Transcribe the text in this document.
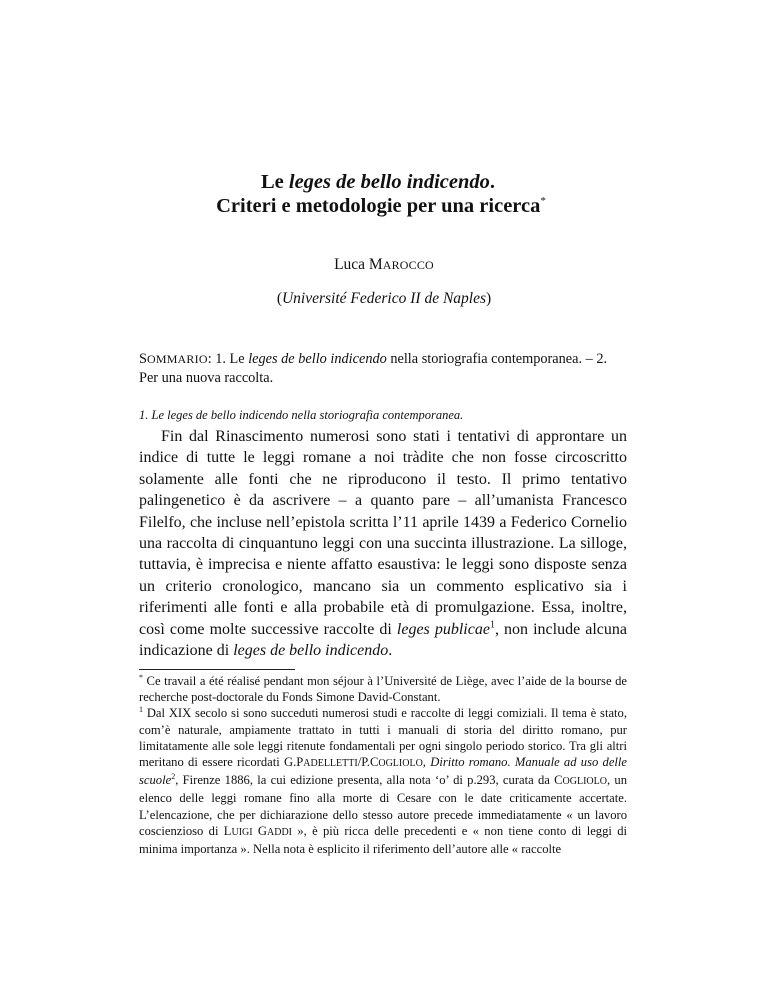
Le leges de bello indicendo.
Criteri e metodologie per una ricerca*
Luca MAROCCO
(Université Federico II de Naples)
SOMMARIO: 1. Le leges de bello indicendo nella storiografia contemporanea. – 2. Per una nuova raccolta.
1. Le leges de bello indicendo nella storiografia contemporanea.

Fin dal Rinascimento numerosi sono stati i tentativi di approntare un indice di tutte le leggi romane a noi tràdite che non fosse circoscritto solamente alle fonti che ne riproducono il testo. Il primo tentativo palingenetico è da ascrivere – a quanto pare – all’umanista Francesco Filelfo, che incluse nell’epistola scritta l’11 aprile 1439 a Federico Cornelio una raccolta di cinquantuno leggi con una succinta illustrazione. La silloge, tuttavia, è imprecisa e niente affatto esaustiva: le leggi sono disposte senza un criterio cronologico, mancano sia un commento esplicativo sia i riferimenti alle fonti e alla probabile età di promulgazione. Essa, inoltre, così come molte successive raccolte di leges publicae$^1$, non include alcuna indicazione di leges de bello indicendo.

* Ce travail a été réalisé pendant mon séjour à l’Université de Liège, avec l’aide de la bourse de recherche post-doctorale du Fonds Simone David-Constant.

$^1$ Dal XIX secolo si sono succeduti numerosi studi e raccolte di leggi comiziali. Il tema è stato, com’è naturale, ampiamente trattato in tutti i manuali di storia del diritto romano, pur limitatamente alle sole leggi ritenute fondamentali per ogni singolo periodo storico. Tra gli altri meritano di essere ricordati G.PADELLETTI/P.COGLIOLO, Diritto romano. Manuale ad uso delle scuole$^2$, Firenze 1886, la cui edizione presenta, alla nota ‘o’ di p.293, curata da COGLIOLO, un elenco delle leggi romane fino alla morte di Cesare con le date criticamente accertate. L’elencazione, che per dichiarazione dello stesso autore precede immediatamente « un lavoro coscienzioso di LUIGI GADDI », è più ricca delle precedenti e « non tiene conto di leggi di minima importanza ». Nella nota è esplicito il riferimento dell’autore alle « raccolte
